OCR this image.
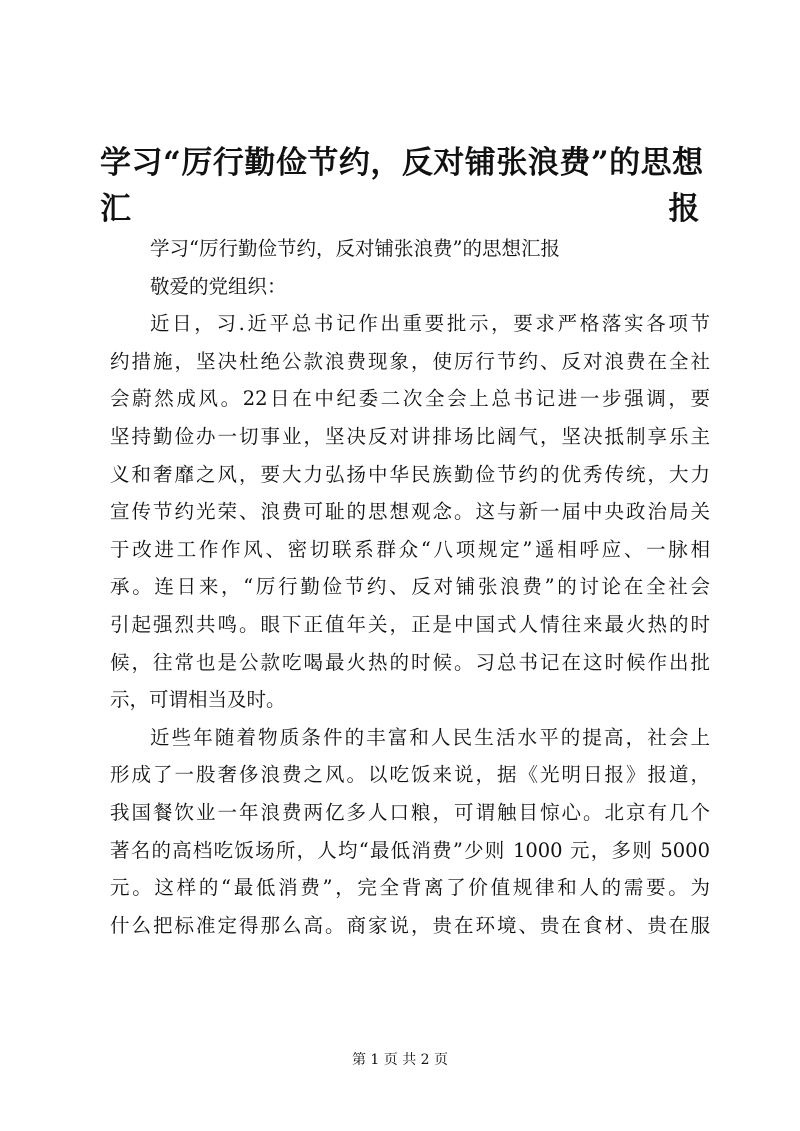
学习“厉行勤俭节约，反对铺张浪费”的思想
汇报

学习“厉行勤俭节约，反对铺张浪费”的思想汇报

敬爱的党组织：

近日，习.近平总书记作出重要批示，要求严格落实各项节
约措施，坚决杜绝公款浪费现象，使厉行节约、反对浪费在全社
会蔚然成风。22日在中纪委二次全会上总书记进一步强调，要
坚持勤俭办一切事业，坚决反对讲排场比阔气，坚决抵制享乐主
义和奢靡之风，要大力弘扬中华民族勤俭节约的优秀传统，大力
宣传节约光荣、浪费可耻的思想观念。这与新一届中央政治局关
于改进工作作风、密切联系群众“八项规定”遥相呼应、一脉相
承。连日来，“厉行勤俭节约、反对铺张浪费”的讨论在全社会
引起强烈共鸣。眼下正值年关，正是中国式人情往来最火热的时
候，往常也是公款吃喝最火热的时候。习总书记在这时候作出批
示，可谓相当及时。

近些年随着物质条件的丰富和人民生活水平的提高，社会上
形成了一股奢侈浪费之风。以吃饭来说，据《光明日报》报道，
我国餐饮业一年浪费两亿多人口粮，可谓触目惊心。北京有几个
著名的高档吃饭场所，人均“最低消费”少则 1000 元，多则 5000
元。这样的“最低消费”，完全背离了价值规律和人的需要。为
什么把标准定得那么高。商家说，贵在环境、贵在食材、贵在服

第 1 页 共 2 页
